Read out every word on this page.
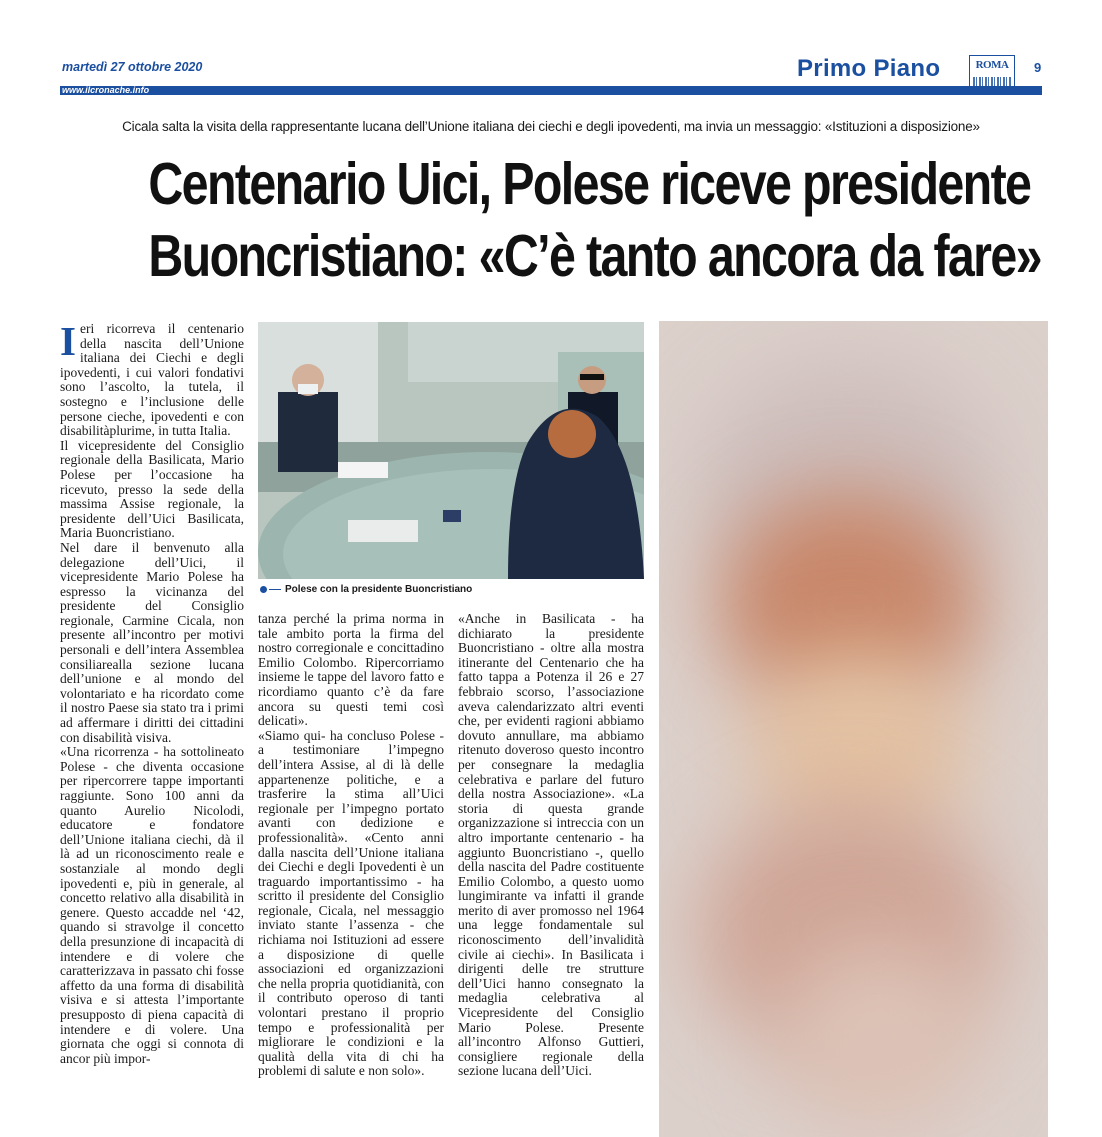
martedì 27 ottobre 2020	Primo Piano	ROMA	9
www.ilcronache.info
Cicala salta la visita della rappresentante lucana dell’Unione italiana dei ciechi e degli ipovedenti, ma invia un messaggio: «Istituzioni a disposizione»
Centenario Uici, Polese riceve presidente
Buoncristiano: «C’è tanto ancora da fare»

Ieri ricorreva il centenario della nascita dell’Unione italiana dei Ciechi e degli ipovedenti, i cui valori fondativi sono l’ascolto, la tutela, il sostegno e l’inclusione delle persone cieche, ipovedenti e con disabilitàplurime, in tutta Italia.

Il vicepresidente del Consiglio regionale della Basilicata, Mario Polese per l’occasione ha ricevuto, presso la sede della massima Assise regionale, la presidente dell’Uici Basilicata, Maria Buoncristiano.

Nel dare il benvenuto alla delegazione dell’Uici, il vicepresidente Mario Polese ha espresso la vicinanza del presidente del Consiglio regionale, Carmine Cicala, non presente all’incontro per motivi personali e dell’intera Assemblea consiliarealla sezione lucana dell’unione e al mondo del volontariato e ha ricordato come il nostro Paese sia stato tra i primi ad affermare i diritti dei cittadini con disabilità visiva.

«Una ricorrenza - ha sottolineato Polese - che diventa occasione per ripercorrere tappe importanti raggiunte. Sono 100 anni da quanto Aurelio Nicolodi, educatore e fondatore dell’Unione italiana ciechi, dà il là ad un riconoscimento reale e sostanziale al mondo degli ipovedenti e, più in generale, al concetto relativo alla disabilità in genere. Questo accadde nel ‘42, quando si stravolge il concetto della presunzione di incapacità di intendere e di volere che caratterizzava in passato chi fosse affetto da una forma di disabilità visiva e si attesta l’importante presupposto di piena capacità di intendere e di volere. Una giornata che oggi si connota di ancor più impor-

Polese con la presidente Buoncristiano

tanza perché la prima norma in tale ambito porta la firma del nostro corregionale e concittadino Emilio Colombo. Ripercorriamo insieme le tappe del lavoro fatto e ricordiamo quanto c’è da fare ancora su questi temi così delicati».

«Siamo qui- ha concluso Polese - a testimoniare l’impegno dell’intera Assise, al di là delle appartenenze politiche, e a trasferire la stima all’Uici regionale per l’impegno portato avanti con dedizione e professionalità». «Cento anni dalla nascita dell’Unione italiana dei Ciechi e degli Ipovedenti è un traguardo importantissimo - ha scritto il presidente del Consiglio regionale, Cicala, nel messaggio inviato stante l’assenza - che richiama noi Istituzioni ad essere a disposizione di quelle associazioni ed organizzazioni che nella propria quotidianità, con il contributo operoso di tanti volontari prestano il proprio tempo e professionalità per migliorare le condizioni e la qualità della vita di chi ha problemi di salute e non solo».

«Anche in Basilicata - ha dichiarato la presidente Buoncristiano - oltre alla mostra itinerante del Centenario che ha fatto tappa a Potenza il 26 e 27 febbraio scorso, l’associazione aveva calendarizzato altri eventi che, per evidenti ragioni abbiamo dovuto annullare, ma abbiamo ritenuto doveroso questo incontro per consegnare la medaglia celebrativa e parlare del futuro della nostra Associazione». «La storia di questa grande organizzazione si intreccia con un altro importante centenario - ha aggiunto Buoncristiano -, quello della nascita del Padre costituente Emilio Colombo, a questo uomo lungimirante va infatti il grande merito di aver promosso nel 1964 una legge fondamentale sul riconoscimento dell’invalidità civile ai ciechi». In Basilicata i dirigenti delle tre strutture dell’Uici hanno consegnato la medaglia celebrativa al Vicepresidente del Consiglio Mario Polese. Presente all’incontro Alfonso Guttieri, consigliere regionale della sezione lucana dell’Uici.
